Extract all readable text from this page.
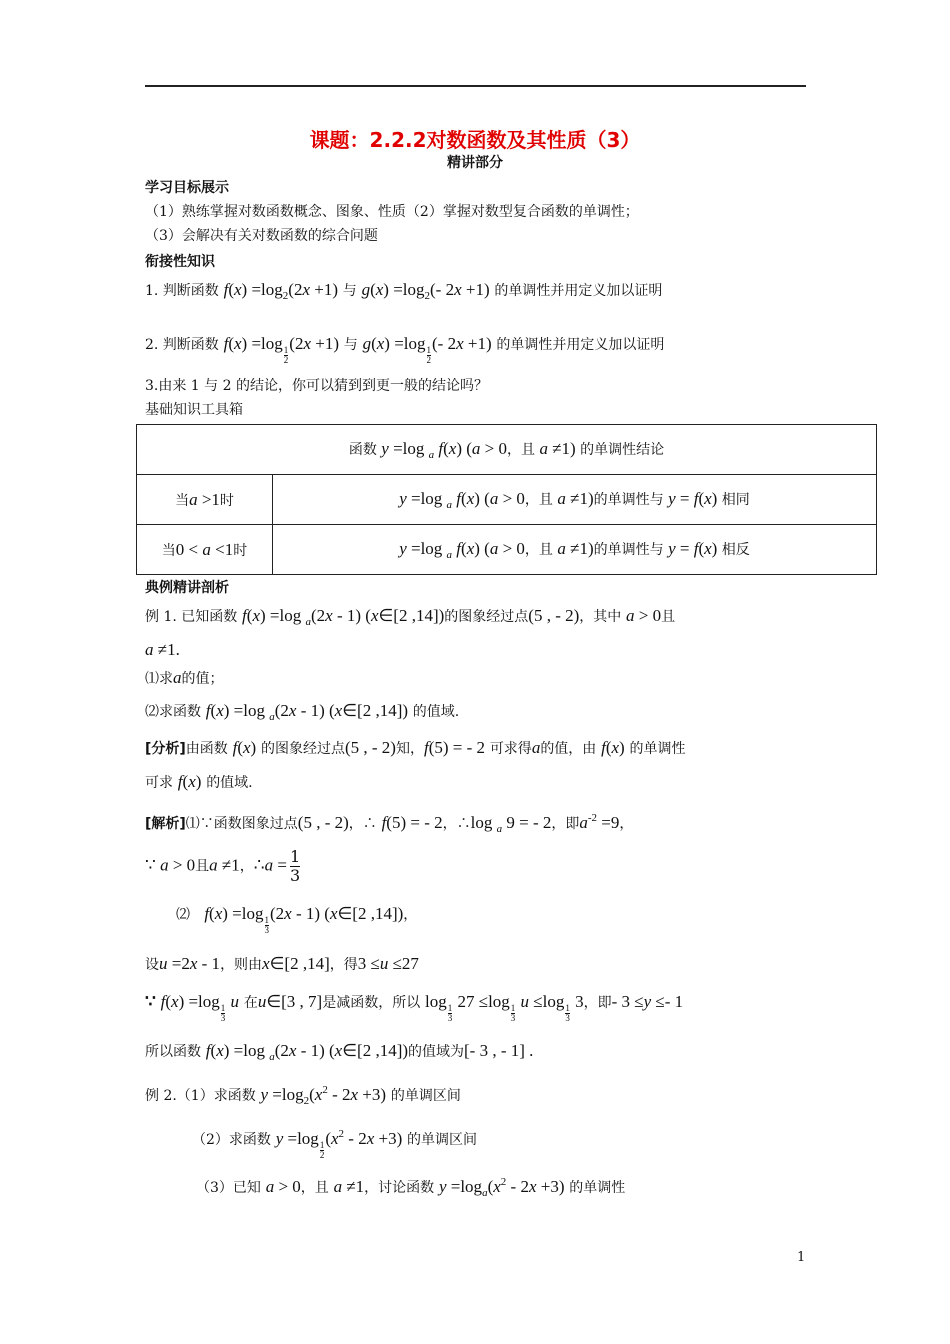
课题：2.2.2对数函数及其性质（3）
精讲部分
学习目标展示
（1）熟练掌握对数函数概念、图象、性质（2）掌握对数型复合函数的单调性；
（3）会解决有关对数函数的综合问题
衔接性知识
1. 判断函数 $f(x) =\log_2(2x +1)$ 与 $g(x) =\log_2(-$ 2x +1) 的单调性并用定义加以证明
2. 判断函数 f(x) =log
$\frac{1}{2}$
(2x +1) 与 g(x) =log
$\frac{1}{2}$
(- 2x +1) 的单调性并用定义加以证明
3.由来 1 与 2 的结论，你可以猜到到更一般的结论吗？
基础知识工具箱
函数 y =log $_a$ f(x) (a > 0，且 a ≠1) 的单调性结论	
当a >1时	y =log $_a$ f(x) (a > 0，且 a ≠1)的单调性与 y = f(x) 相同
当0 < a <1时	y =log $_a$ f(x) (a > 0，且 a ≠1)的单调性与 y = f(x) 相反
典例精讲剖析
例 1. 已知函数 f(x) =log $_a$(2x - 1) (x∈[2 ,14])的图象经过点(5 , - 2)，其中 a > 0且
a ≠1.
⑴求a的值；
⑵求函数 f(x) =log $_a$(2x - 1) (x∈[2 ,14]) 的值域.
[分析]由函数 f(x) 的图象经过点(5 , - 2)知，f(5) = - 2 可求得a的值，由 f(x) 的单调性
可求 f(x) 的值域.
[解析]⑴∵函数图象过点(5 , - 2)，∴ f(5) = - 2，∴log $_a$ 9 = - 2，即$a^{-2} =9$，
∵ a > 0且a ≠1，∴a = $\frac{1}{3}$
⑵ f(x) =log
$\frac{1}{3}$
(2x - 1) (x∈[2 ,14])，
设u =2x - 1，则由x∈[2 ,14]，得3 ≤u ≤27
∵ f(x) =log
$\frac{1}{3}$
u 在u∈[3 , 7]是减函数，所以 log
$\frac{1}{3}$
27 ≤log
$\frac{1}{3}$
u ≤log
$\frac{1}{3}$
3，即- 3 ≤y ≤- 1
所以函数 f(x) =log $_a$(2x - 1) (x∈[2 ,14])的值域为[- 3 , - 1] .
例 2.（1）求函数 $y =\log_2(x^2 - 2x +3)$ 的单调区间
（2）求函数 y =log
$\frac{1}{2}$
$(x^2 - 2x +3)$ 的单调区间
（3）已知 a > 0，且 a ≠1，讨论函数 $y =\log_a(x^2 - 2x +3)$ 的单调性
1
